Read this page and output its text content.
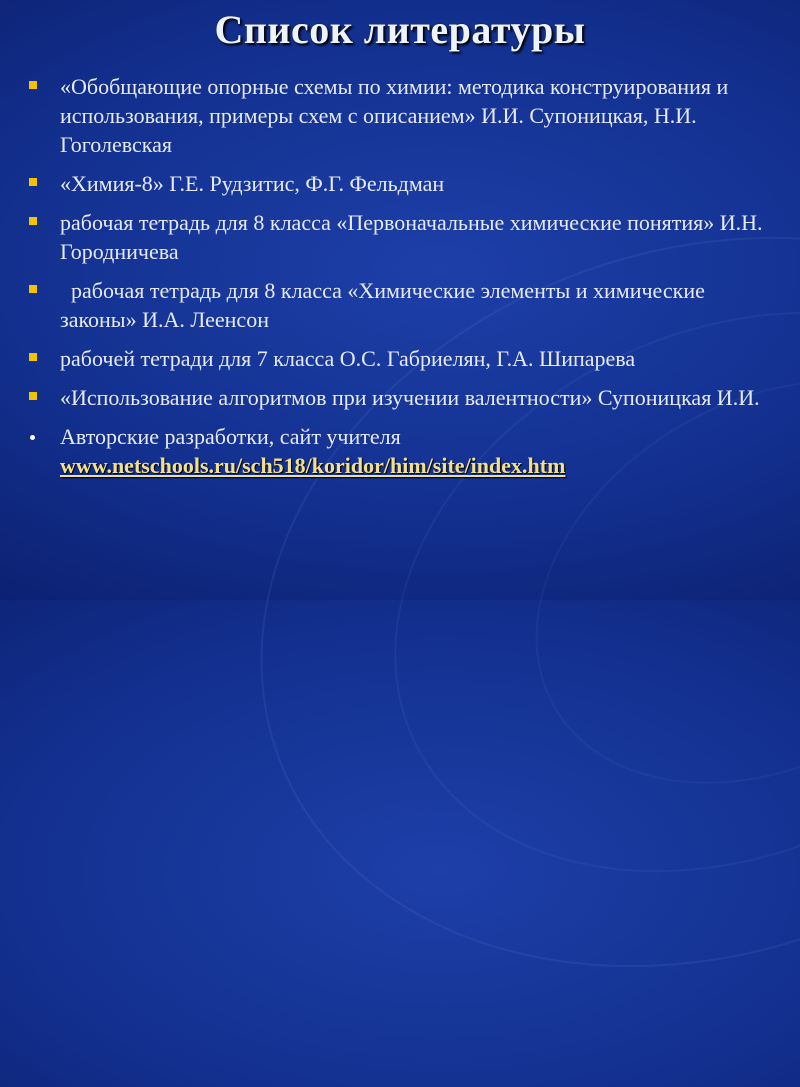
Список литературы
«Обобщающие опорные схемы по химии: методика конструирования и использования, примеры схем с описанием» И.И. Супоницкая, Н.И. Гоголевская
«Химия-8» Г.Е. Рудзитис, Ф.Г. Фельдман
рабочая тетрадь для 8 класса «Первоначальные химические понятия» И.Н. Городничева
рабочая тетрадь для 8 класса «Химические элементы и химические законы» И.А. Леенсон
рабочей тетради для 7 класса О.С. Габриелян, Г.А. Шипарева
«Использование алгоритмов при изучении валентности» Супоницкая И.И.
Авторские разработки, сайт учителя
www.netschools.ru/sch518/koridor/him/site/index.htm
